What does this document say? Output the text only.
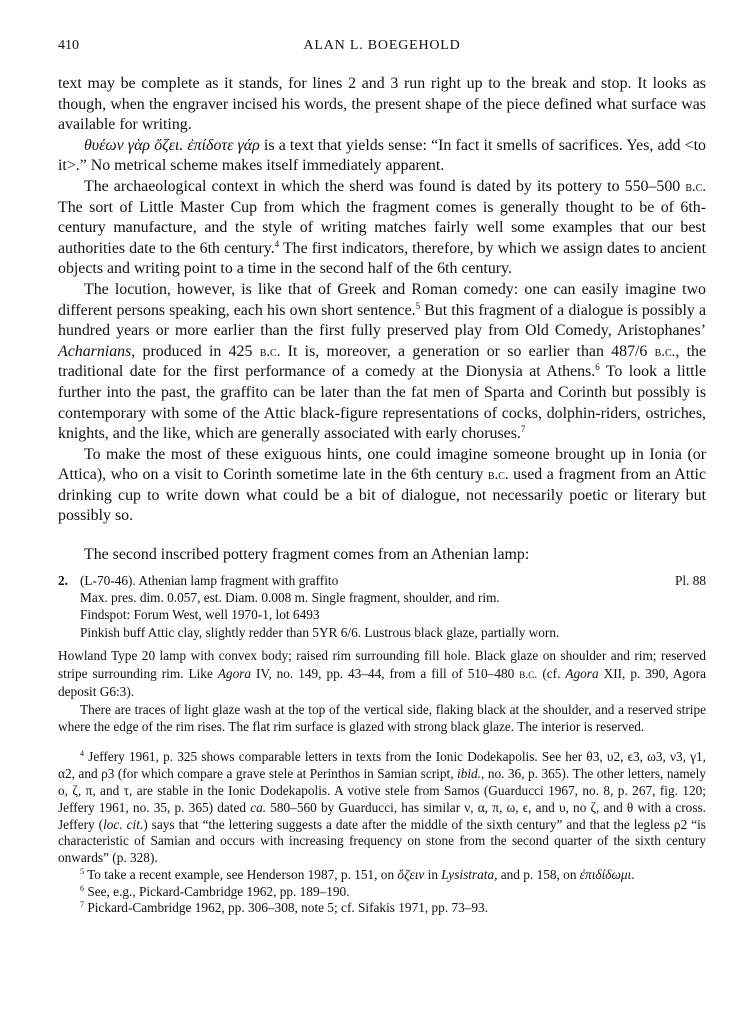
410	ALAN L. BOEGEHOLD

text may be complete as it stands, for lines 2 and 3 run right up to the break and stop. It looks as though, when the engraver incised his words, the present shape of the piece defined what surface was available for writing.

θυέων γὰρ ὄζει. ἐπίδοτε γάρ is a text that yields sense: “In fact it smells of sacrifices. Yes, add <to it>.” No metrical scheme makes itself immediately apparent.

The archaeological context in which the sherd was found is dated by its pottery to 550–500 b.c. The sort of Little Master Cup from which the fragment comes is generally thought to be of 6th-century manufacture, and the style of writing matches fairly well some examples that our best authorities date to the 6th century.$^4$ The first indicators, therefore, by which we assign dates to ancient objects and writing point to a time in the second half of the 6th century.

The locution, however, is like that of Greek and Roman comedy: one can easily imagine two different persons speaking, each his own short sentence.$^5$ But this fragment of a dialogue is possibly a hundred years or more earlier than the first fully preserved play from Old Comedy, Aristophanes’ Acharnians, produced in 425 b.c. It is, moreover, a generation or so earlier than 487/6 b.c., the traditional date for the first performance of a comedy at the Dionysia at Athens.$^6$ To look a little further into the past, the graffito can be later than the fat men of Sparta and Corinth but possibly is contemporary with some of the Attic black-figure representations of cocks, dolphin-riders, ostriches, knights, and the like, which are generally associated with early choruses.$^7$

To make the most of these exiguous hints, one could imagine someone brought up in Ionia (or Attica), who on a visit to Corinth sometime late in the 6th century b.c. used a fragment from an Attic drinking cup to write down what could be a bit of dialogue, not necessarily poetic or literary but possibly so.

The second inscribed pottery fragment comes from an Athenian lamp:

2. (L-70-46). Athenian lamp fragment with graffito	Pl. 88
Max. pres. dim. 0.057, est. Diam. 0.008 m. Single fragment, shoulder, and rim.
Findspot: Forum West, well 1970-1, lot 6493
Pinkish buff Attic clay, slightly redder than 5YR 6/6. Lustrous black glaze, partially worn.

Howland Type 20 lamp with convex body; raised rim surrounding fill hole. Black glaze on shoulder and rim; reserved stripe surrounding rim. Like Agora IV, no. 149, pp. 43–44, from a fill of 510–480 b.c. (cf. Agora XII, p. 390, Agora deposit G6:3).

There are traces of light glaze wash at the top of the vertical side, flaking black at the shoulder, and a reserved stripe where the edge of the rim rises. The flat rim surface is glazed with strong black glaze. The interior is reserved.

$^4$ Jeffery 1961, p. 325 shows comparable letters in texts from the Ionic Dodekapolis. See her θ3, υ2, ϵ3, ω3, ν3, γ1, α2, and ρ3 (for which compare a grave stele at Perinthos in Samian script, ibid., no. 36, p. 365). The other letters, namely ο, ζ, π, and τ, are stable in the Ionic Dodekapolis. A votive stele from Samos (Guarducci 1967, no. 8, p. 267, fig. 120; Jeffery 1961, no. 35, p. 365) dated ca. 580–560 by Guarducci, has similar ν, α, π, ω, ϵ, and υ, no ζ, and θ with a cross. Jeffery (loc. cit.) says that “the lettering suggests a date after the middle of the sixth century” and that the legless ρ2 “is characteristic of Samian and occurs with increasing frequency on stone from the second quarter of the sixth century onwards” (p. 328).

$^5$ To take a recent example, see Henderson 1987, p. 151, on ὄζειν in Lysistrata, and p. 158, on ἐπιδίδωμι.

$^6$ See, e.g., Pickard-Cambridge 1962, pp. 189–190.

$^7$ Pickard-Cambridge 1962, pp. 306–308, note 5; cf. Sifakis 1971, pp. 73–93.
